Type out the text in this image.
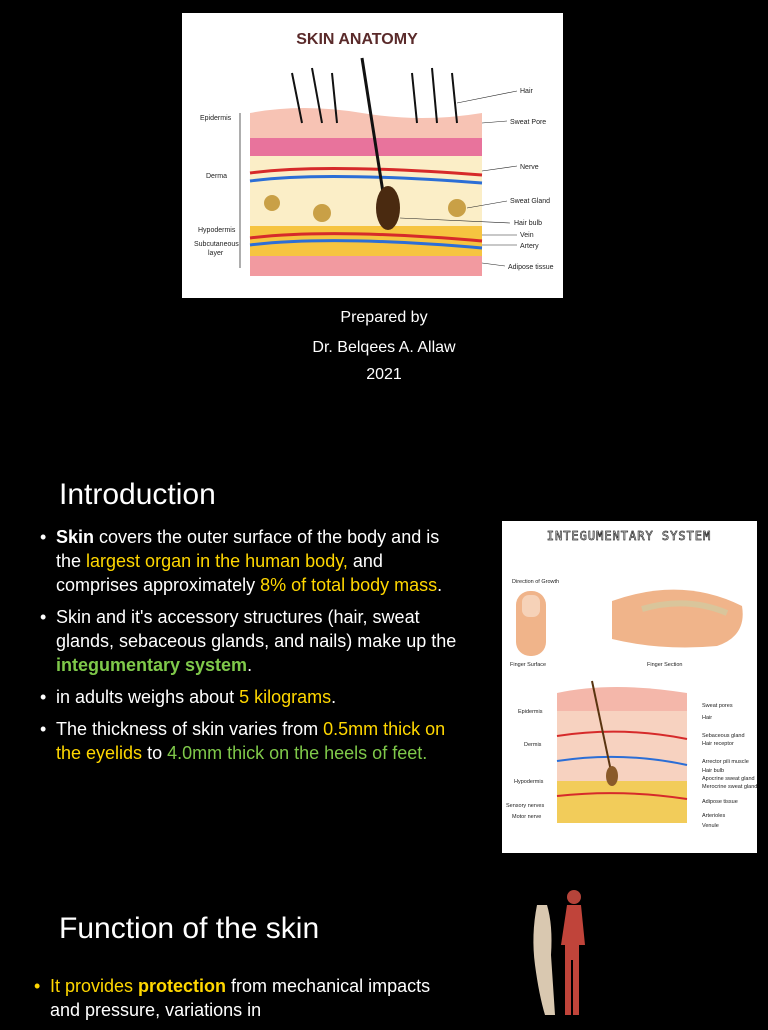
SKIN ANATOMY
Epidermis
Derma
Hypodermis
Subcutaneous
layer
Hair
Sweat Pore
Nerve
Sweat Gland
Hair bulb
Vein
Artery
Adipose tissue
Prepared by
Dr. Belqees A. Allaw
2021
Introduction
• Skin covers the outer surface of the body and is the largest organ in the human body, and comprises approximately 8% of total body mass.
• Skin and it's accessory structures (hair, sweat glands, sebaceous glands, and nails) make up the integumentary system.
• in adults weighs about 5 kilograms.
• The thickness of skin varies from 0.5mm thick on the eyelids to 4.0mm thick on the heels of feet.
INTEGUMENTARY SYSTEM
Direction of Growth
Finger Surface	Finger Section
Epidermis
Dermis
Hypodermis
Sensory nerves
Motor nerve
Sweat pores
Hair
Sebaceous gland
Hair receptor
Arrector pili muscle
Hair bulb
Apocrine sweat gland
Merocrine sweat gland
Adipose tissue
Arterioles
Venule
Function of the skin
• It provides protection from mechanical impacts and pressure, variations in
